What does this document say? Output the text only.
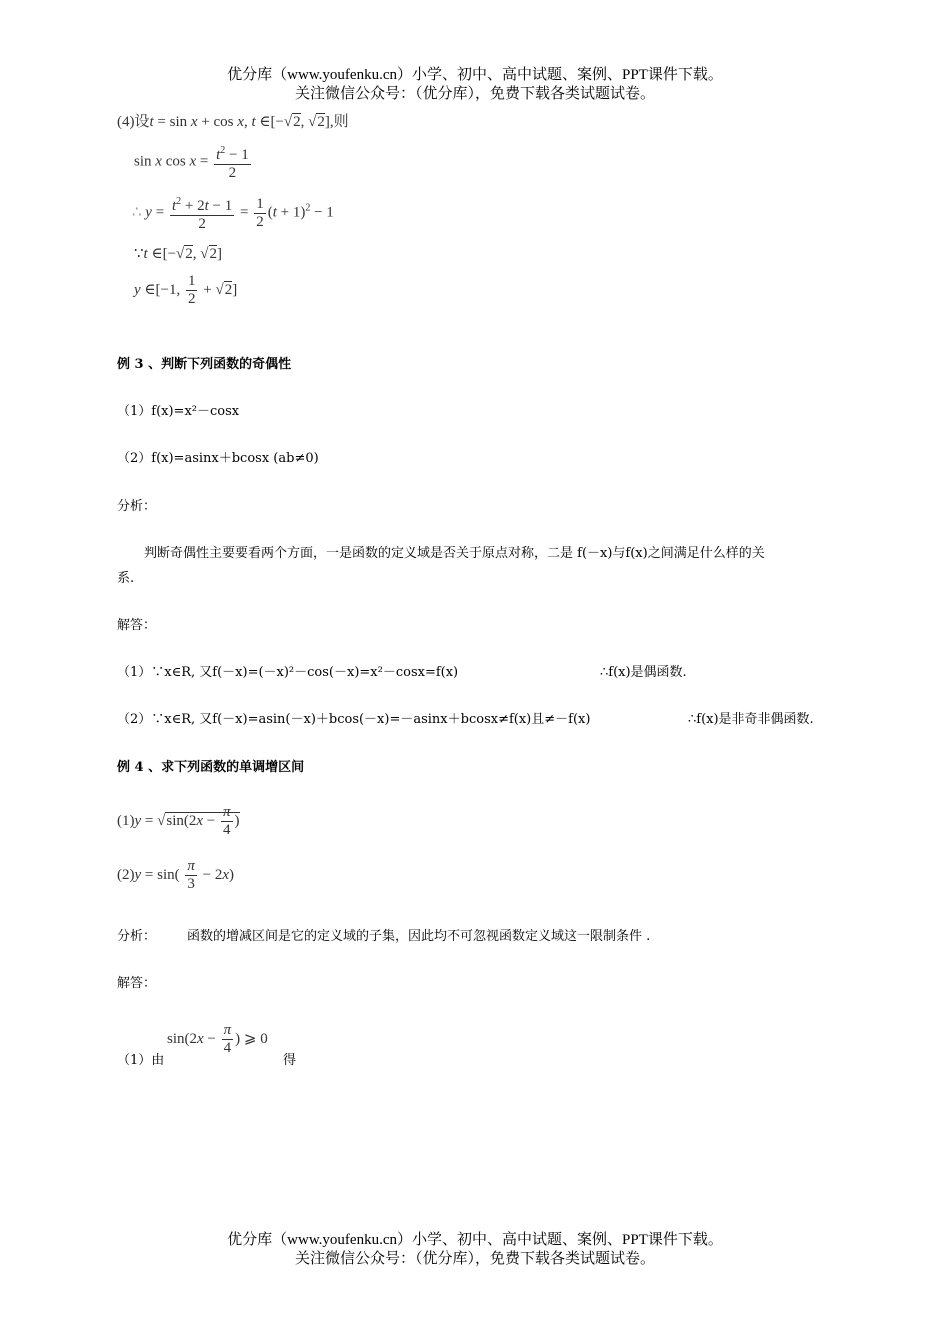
优分库（www.youfenku.cn）小学、初中、高中试题、案例、PPT课件下载。
关注微信公众号：（优分库），免费下载各类试题试卷。
(4)设t = sin x + cos x, t ∈[−√2, √2],则
sin x $\cos x = \frac{t^2 - 1}{2}$
∴ $y = \frac{t^2 + 2t - 1}{2} = \frac{1}{2} (t + 1)^2 - 1$
∵t ∈[−√2, √2]
y ∈[−1, $\frac{1}{2} + √2$]
例 3 、判断下列函数的奇偶性
（1）f(x)=x²－cosx
（2）f(x)=asinx＋bcosx (ab≠0)
分析：
判断奇偶性主要要看两个方面，一是函数的定义域是否关于原点对称，二是 f(－x)与f(x)之间满足什么样的关
系.
解答：
（1）∵x∈R, 又f(－x)=(－x)²－cos(－x)=x²－cosx=f(x)	∴f(x)是偶函数.
（2）∵x∈R, 又f(－x)=asin(－x)＋bcos(－x)=－asinx＋bcosx≠f(x)且≠－f(x)	∴f(x)是非奇非偶函数.
例 4 、求下列函数的单调增区间
$(1)y = √\sin(2x - \frac{\pi}{4}$ )
$(2)y = \sin( \frac{\pi}{3} - 2x)$
分析： 函数的增减区间是它的定义域的子集，因此均不可忽视函数定义域这一限制条件 .
解答：
（1）由
$\sin(2x - \frac{\pi}{4}$ ) ⩾ 0
得
优分库（www.youfenku.cn）小学、初中、高中试题、案例、PPT课件下载。
关注微信公众号：（优分库），免费下载各类试题试卷。
